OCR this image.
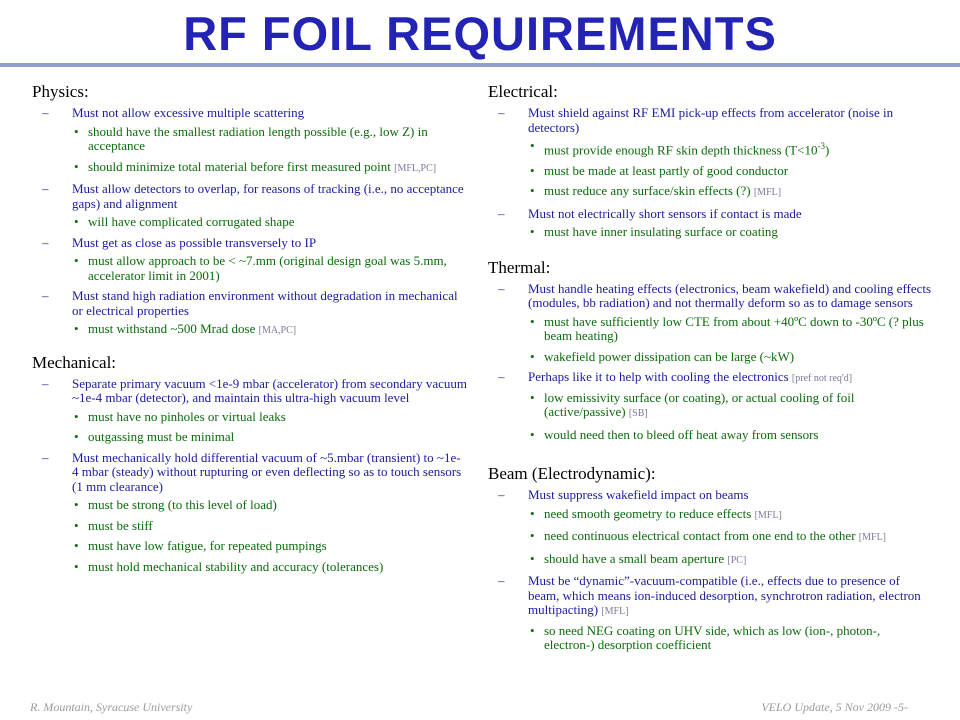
RF FOIL REQUIREMENTS
Physics:
– Must not allow excessive multiple scattering
• should have the smallest radiation length possible (e.g., low Z) in acceptance
• should minimize total material before first measured point [MFL,PC]
– Must allow detectors to overlap, for reasons of tracking (i.e., no acceptance gaps) and alignment
• will have complicated corrugated shape
– Must get as close as possible transversely to IP
• must allow approach to be < ~7.mm (original design goal was 5.mm, accelerator limit in 2001)
– Must stand high radiation environment without degradation in mechanical or electrical properties
• must withstand ~500 Mrad dose [MA,PC]
Mechanical:
– Separate primary vacuum <1e-9 mbar (accelerator) from secondary vacuum ~1e-4 mbar (detector), and maintain this ultra-high vacuum level
• must have no pinholes or virtual leaks
• outgassing must be minimal
– Must mechanically hold differential vacuum of ~5.mbar (transient) to ~1e-4 mbar (steady) without rupturing or even deflecting so as to touch sensors (1 mm clearance)
• must be strong (to this level of load)
• must be stiff
• must have low fatigue, for repeated pumpings
• must hold mechanical stability and accuracy (tolerances)
Electrical:
– Must shield against RF EMI pick-up effects from accelerator (noise in detectors)
• must provide enough RF skin depth thickness $(T<10^{-3})$
• must be made at least partly of good conductor
• must reduce any surface/skin effects (?) [MFL]
– Must not electrically short sensors if contact is made
• must have inner insulating surface or coating
Thermal:
– Must handle heating effects (electronics, beam wakefield) and cooling effects (modules, bb radiation) and not thermally deform so as to damage sensors
• must have sufficiently low CTE from about +40ºC down to -30ºC (? plus beam heating)
• wakefield power dissipation can be large (~kW)
– Perhaps like it to help with cooling the electronics [pref not req'd]
• low emissivity surface (or coating), or actual cooling of foil (active/passive) [SB]
• would need then to bleed off heat away from sensors
Beam (Electrodynamic):
– Must suppress wakefield impact on beams
• need smooth geometry to reduce effects [MFL]
• need continuous electrical contact from one end to the other [MFL]
• should have a small beam aperture [PC]
– Must be “dynamic”-vacuum-compatible (i.e., effects due to presence of beam, which means ion-induced desorption, synchrotron radiation, electron multipacting) [MFL]
• so need NEG coating on UHV side, which as low (ion-, photon-, electron-) desorption coefficient
R. Mountain, Syracuse University	VELO Update, 5 Nov 2009 -5-
